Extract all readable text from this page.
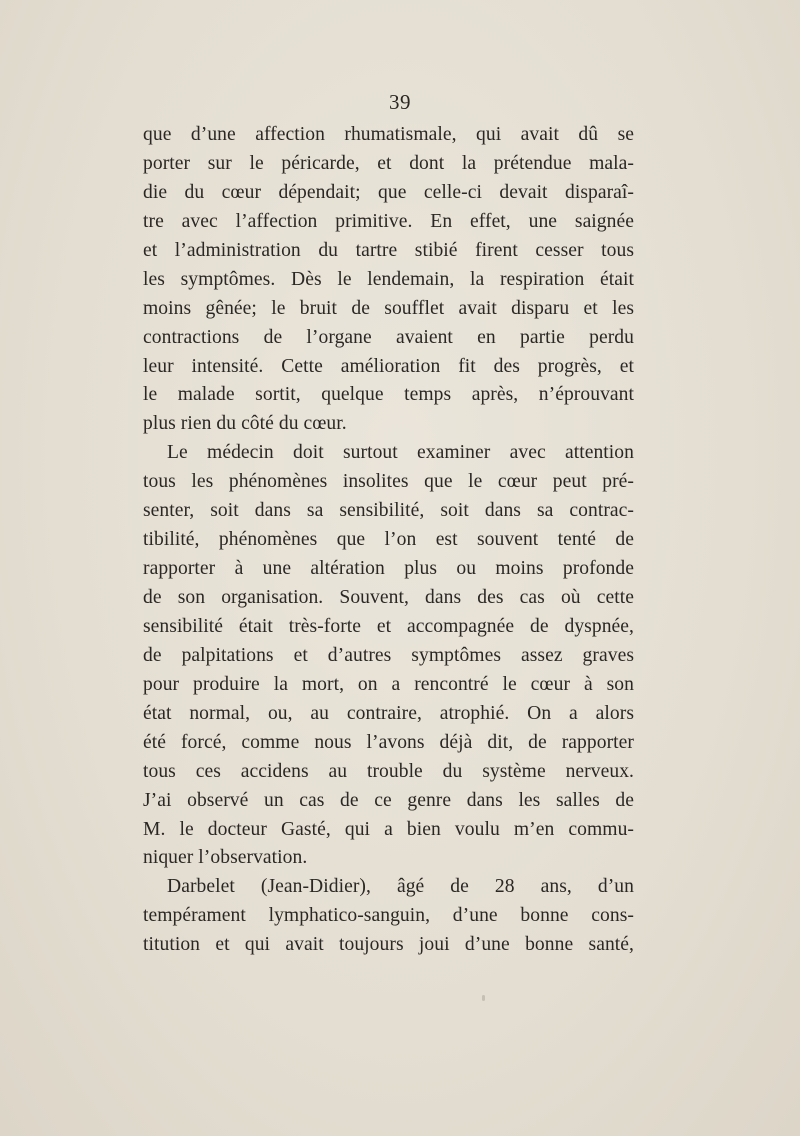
39
que d’une affection rhumatismale, qui avait dû se
porter sur le péricarde, et dont la prétendue mala-
die du cœur dépendait; que celle-ci devait disparaî-
tre avec l’affection primitive. En effet, une saignée
et l’administration du tartre stibié firent cesser tous
les symptômes. Dès le lendemain, la respiration était
moins gênée; le bruit de soufflet avait disparu et les
contractions de l’organe avaient en partie perdu
leur intensité. Cette amélioration fit des progrès, et
le malade sortit, quelque temps après, n’éprouvant
plus rien du côté du cœur.
Le médecin doit surtout examiner avec attention
tous les phénomènes insolites que le cœur peut pré-
senter, soit dans sa sensibilité, soit dans sa contrac-
tibilité, phénomènes que l’on est souvent tenté de
rapporter à une altération plus ou moins profonde
de son organisation. Souvent, dans des cas où cette
sensibilité était très-forte et accompagnée de dyspnée,
de palpitations et d’autres symptômes assez graves
pour produire la mort, on a rencontré le cœur à son
état normal, ou, au contraire, atrophié. On a alors
été forcé, comme nous l’avons déjà dit, de rapporter
tous ces accidens au trouble du système nerveux.
J’ai observé un cas de ce genre dans les salles de
M. le docteur Gasté, qui a bien voulu m’en commu-
niquer l’observation.
Darbelet (Jean-Didier), âgé de 28 ans, d’un
tempérament lymphatico-sanguin, d’une bonne cons-
titution et qui avait toujours joui d’une bonne santé,
